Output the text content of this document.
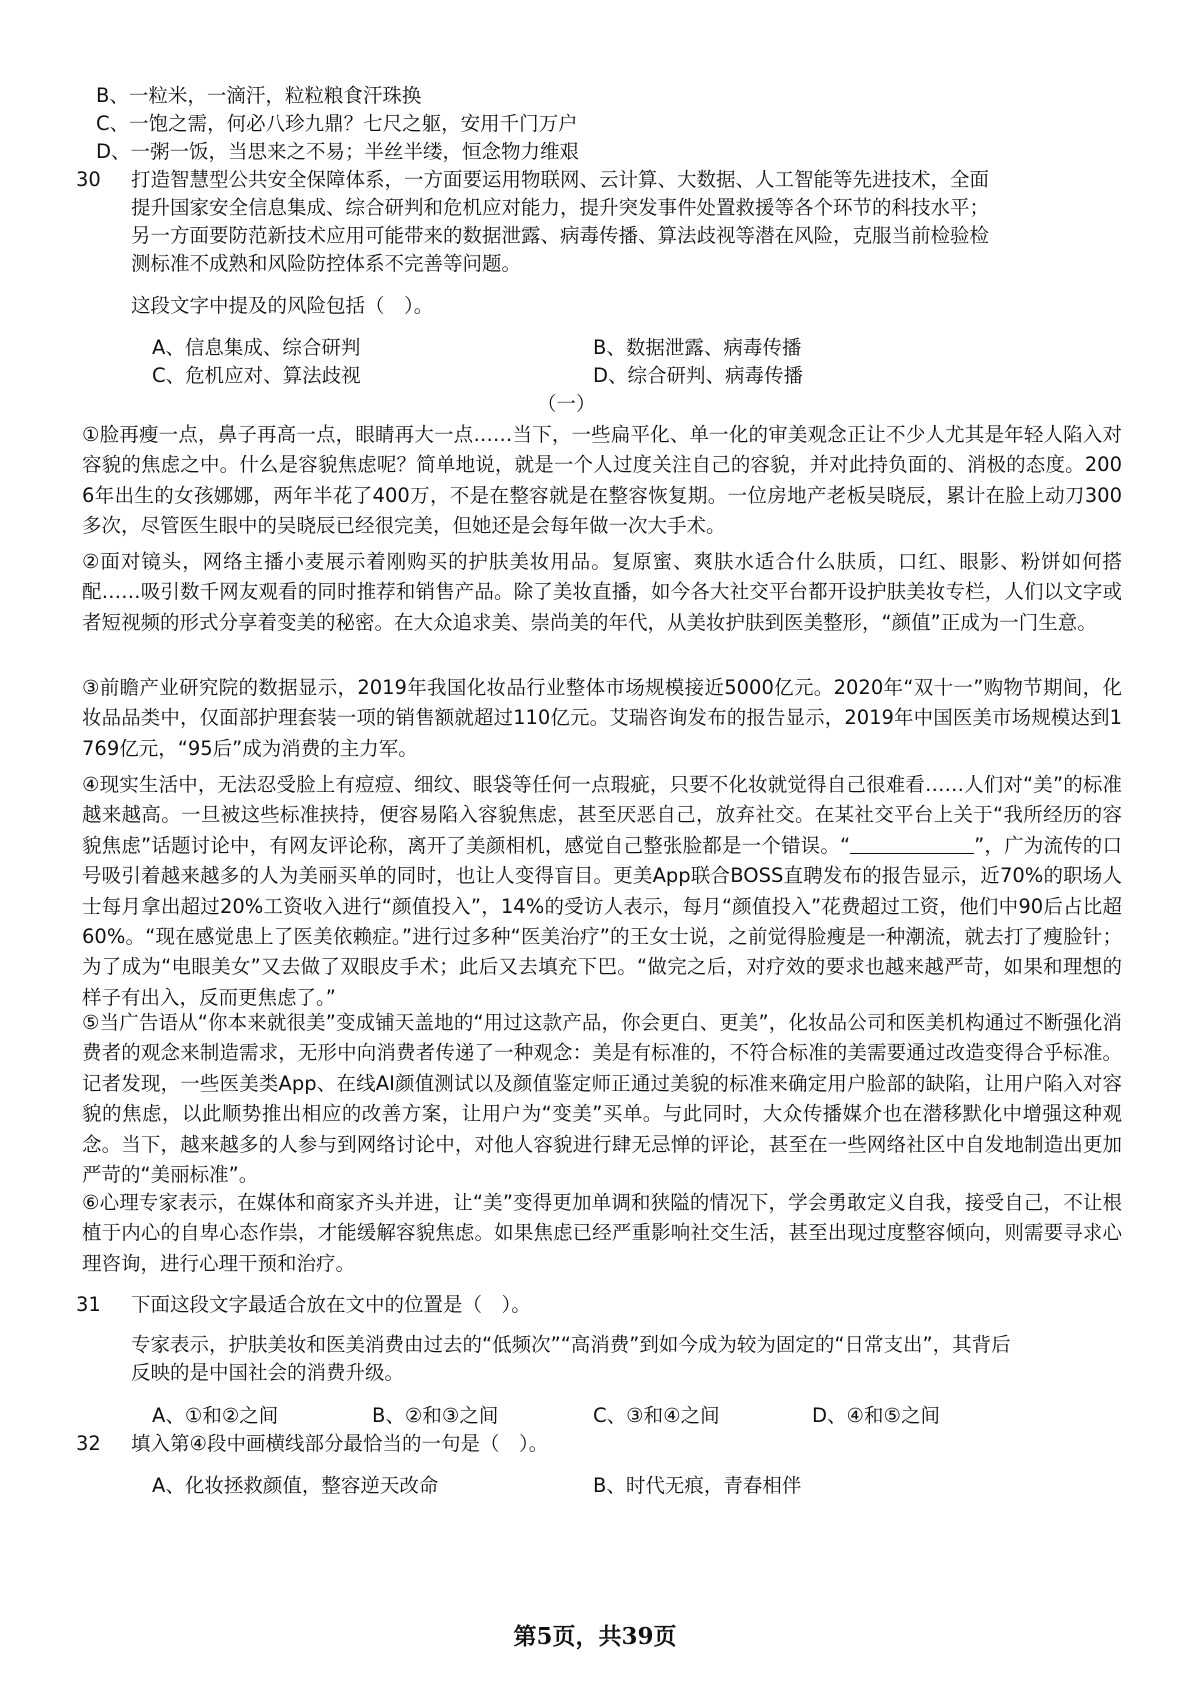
B、一粒米，一滴汗，粒粒粮食汗珠换
C、一饱之需，何必八珍九鼎？七尺之躯，安用千门万户
D、一粥一饭，当思来之不易；半丝半缕，恒念物力维艰
30 打造智慧型公共安全保障体系，一方面要运用物联网、云计算、大数据、人工智能等先进技术，全面
提升国家安全信息集成、综合研判和危机应对能力，提升突发事件处置救援等各个环节的科技水平；
另一方面要防范新技术应用可能带来的数据泄露、病毒传播、算法歧视等潜在风险，克服当前检验检
测标准不成熟和风险防控体系不完善等问题。
这段文字中提及的风险包括（　）。
A、信息集成、综合研判	B、数据泄露、病毒传播
C、危机应对、算法歧视	D、综合研判、病毒传播
（一）
①脸再瘦一点，鼻子再高一点，眼睛再大一点……当下，一些扁平化、单一化的审美观念正让不少人尤其是年轻人陷入对容貌的焦虑之中。什么是容貌焦虑呢？简单地说，就是一个人过度关注自己的容貌，并对此持负面的、消极的态度。2006年出生的女孩娜娜，两年半花了400万，不是在整容就是在整容恢复期。一位房地产老板吴晓辰，累计在脸上动刀300多次，尽管医生眼中的吴晓辰已经很完美，但她还是会每年做一次大手术。
②面对镜头，网络主播小麦展示着刚购买的护肤美妆用品。复原蜜、爽肤水适合什么肤质，口红、眼影、粉饼如何搭配……吸引数千网友观看的同时推荐和销售产品。除了美妆直播，如今各大社交平台都开设护肤美妆专栏，人们以文字或者短视频的形式分享着变美的秘密。在大众追求美、崇尚美的年代，从美妆护肤到医美整形，“颜值”正成为一门生意。
③前瞻产业研究院的数据显示，2019年我国化妆品行业整体市场规模接近5000亿元。2020年“双十一”购物节期间，化妆品品类中，仅面部护理套装一项的销售额就超过110亿元。艾瑞咨询发布的报告显示，2019年中国医美市场规模达到1769亿元，“95后”成为消费的主力军。
④现实生活中，无法忍受脸上有痘痘、细纹、眼袋等任何一点瑕疵，只要不化妆就觉得自己很难看……人们对“美”的标准越来越高。一旦被这些标准挟持，便容易陷入容貌焦虑，甚至厌恶自己，放弃社交。在某社交平台上关于“我所经历的容貌焦虑”话题讨论中，有网友评论称，离开了美颜相机，感觉自己整张脸都是一个错误。“	”，广为流传的口号吸引着越来越多的人为美丽买单的同时，也让人变得盲目。更美App联合BOSS直聘发布的报告显示，近70%的职场人士每月拿出超过20%工资收入进行“颜值投入”，14%的受访人表示，每月“颜值投入”花费超过工资，他们中90后占比超60%。“现在感觉患上了医美依赖症。”进行过多种“医美治疗”的王女士说，之前觉得脸瘦是一种潮流，就去打了瘦脸针；为了成为“电眼美女”又去做了双眼皮手术；此后又去填充下巴。“做完之后，对疗效的要求也越来越严苛，如果和理想的样子有出入，反而更焦虑了。”
⑤当广告语从“你本来就很美”变成铺天盖地的“用过这款产品，你会更白、更美”，化妆品公司和医美机构通过不断强化消费者的观念来制造需求，无形中向消费者传递了一种观念：美是有标准的，不符合标准的美需要通过改造变得合乎标准。记者发现，一些医美类App、在线AI颜值测试以及颜值鉴定师正通过美貌的标准来确定用户脸部的缺陷，让用户陷入对容貌的焦虑，以此顺势推出相应的改善方案，让用户为“变美”买单。与此同时，大众传播媒介也在潜移默化中增强这种观念。当下，越来越多的人参与到网络讨论中，对他人容貌进行肆无忌惮的评论，甚至在一些网络社区中自发地制造出更加严苛的“美丽标准”。
⑥心理专家表示，在媒体和商家齐头并进，让“美”变得更加单调和狭隘的情况下，学会勇敢定义自我，接受自己，不让根植于内心的自卑心态作祟，才能缓解容貌焦虑。如果焦虑已经严重影响社交生活，甚至出现过度整容倾向，则需要寻求心理咨询，进行心理干预和治疗。
31 下面这段文字最适合放在文中的位置是（　）。
专家表示，护肤美妆和医美消费由过去的“低频次”“高消费”到如今成为较为固定的“日常支出”，其背后
反映的是中国社会的消费升级。
A、①和②之间	B、②和③之间	C、③和④之间	D、④和⑤之间
32 填入第④段中画横线部分最恰当的一句是（　）。
A、化妆拯救颜值，整容逆天改命	B、时代无痕，青春相伴
第5页，共39页
